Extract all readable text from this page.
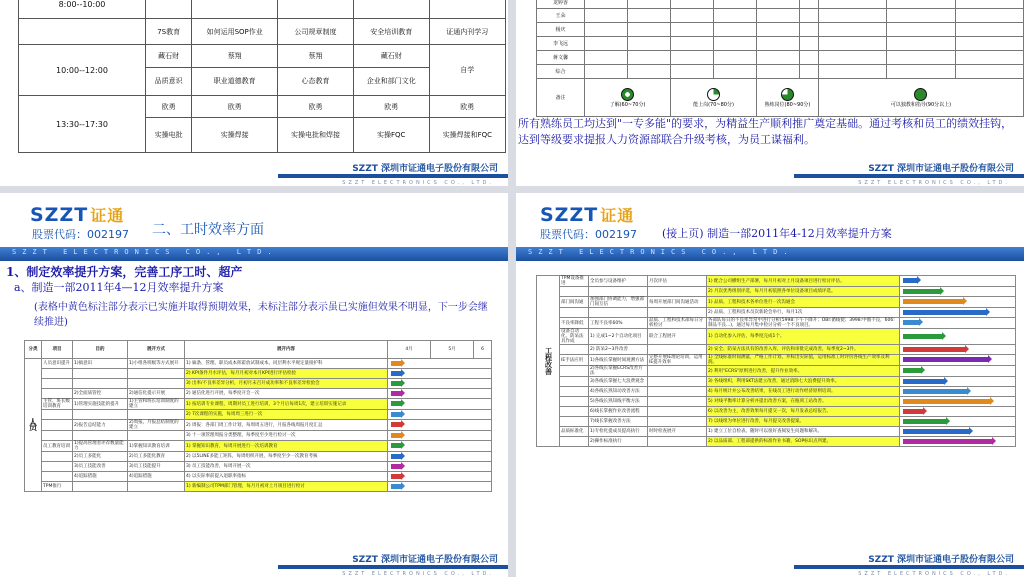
8:00--10:00					
	7S教育	如何运用SOP作业	公司规章制度	安全培训教育	证通内刊学习
10:00--12:00	藏石财	蔡翔	蔡翔	藏石财	自学
	品质意识	职业道德教育	心态教育	企业和部门文化	
13:30--17:30	欧勇	欧勇	欧勇	欧勇	欧勇
	实操电批	实操焊接	实操电批和焊接	实操FQC	实操焊接和FQC
SZZT 深圳市证通电子股份有限公司
SZZT ELECTRONICS CO., LTD.
龙婷香									
王朵									
杨庆									
李飞远									
蒋文馨									
综合									
备注	了解(60~70分)		能上岗(70~80分)		熟练岗位(80~90分)		可以独教和指导(90分以上)		
所有熟练员工均达到"一专多能"的要求，为精益生产顺利推广奠定基础。通过考核和员工的绩效挂钩，达到等级要求提报人力资源部联合升级考核，为员工谋福利。
SZZT 深圳市证通电子股份有限公司
SZZT ELECTRONICS CO., LTD.
SZZT 证通
股票代码：002197 二、工时效率方面
SZZT ELECTRONICS CO., LTD.
1、制定效率提升方案，完善工序工时、超产
a、制造一部2011年4—12月效率提升方案
(表格中黄色标注部分表示已实施并取得预期效果，未标注部分表示虽已实施但效果不明显，下一步会继续推进)
分类	项目	目的	展开方式	展开内容	4月	5月	6
人员	人员意识提升	1)搞意识	1)小组各班级等方式展开	1) 廊条、管理、职员成本挥霍放试制成本、同层利水平规定量接护科			
				2) KPI条件月水评估，每月月初对本月KPI进行评估检验			
				3) 出率/不良率差异分析，月初月末召开成功率和不良率差异检验会			
		2)全面质管控	2)通信化提示开展	2) 通信化进行开展，每季度开会一次			
	主管、班长级培训教育	1)管理实施技能的提升	1)主管和班长培训制度的建立	1) 按培训专业课程，周期对员工进行培训，3个月后每周1次，建立培训实施记录			
				2) 7次课程的实施，每周周三进行一次			
		2)报告总结能力	2)周报，月报总结制度的建立	2) 周报：各部门周工作计划，每周周五进行，月报各线周报月度汇总			
				3) 十一项管理周报分类整理，每季度至少进行检讨一次			
	员工教育培训	1)提高管理者评荐数量能力	1)掌握知识教育培训	1) 掌握知识教育，每周开展进行一次培训教育			
		2)员工多能化	2)员工多能化教育	2) 以5LINE多能工矩阵，每周组织开展，每季度至少一次教育考核			
		3)员工技能改善	3)员工技能提升	3) 员工技能改善，每周开展一次			
		4)追踪措施	4)追踪措施	4) 以实际事前提入退职率指标			
	TPM推行			1) 新编制公司TPM部门管理，每月月初对上月项目进行检讨			
SZZT 深圳市证通电子股份有限公司
SZZT ELECTRONICS CO., LTD.
SZZT 证通
股票代码：002197 (接上页) 制造一部2011年4-12月效率提升方案
SZZT ELECTRONICS CO., LTD.
工程改善	TPM设备推进	全员参与设备维护	月次评估	1) 配合公司横组生产部署，每月月初对上月设备项目进行检讨评估。	
				2) 月次优秀组别评选，每月月初依照各单位设备项目成绩评选。	
	部门间沟通	加强部门协调能力，增强部门间互信	每周开展部门间沟通活动	1) 品质、工程和技术各单位进行一次沟通会	
				2) 品质、工程和技术员次新轮会举行，每月1次	
	不良率降低	工程不良率60%	品质、工程和技术部每日分析检讨	各部队每日的不良率异常中进行分析(5998:下午下降升；OBI:循线使；3998:中循不良，606:制品不良...)，通过每月集中检讨分析一个不良项目。	
	设备自动化、防呆法具作成	1) 完成1~2个自动化项目	联合工程展开	1) 自动化参入评估，每季度完成1个。	
		2) 防呆2~3件改善		2) 安全、防呆方法具有的改善入库，评估和审批完成改善，每季度2~3件。	
	IE手法应用	1)各线长掌握时间观测方法	完整开展IE理论培训，运用IE提升效率	1) 全线标准时间测量，严格工作计划，并标出实际值，运用标准工时评价各线生产效率及利润。	
		2)各线长掌握ECRS改善方法		2) 利用"ECRS"原则进行改善，提升作业效率。	
		3)各线长掌握七大浪费观念		3) 各线组织，利用SKT法建立改善，通过消除七大浪费提升效率。	
		4)各线长熟知动改善方法		4) 每月统计并公布改善结果，在线员工进行动作经济原则培训。	
		5)各线长熟知线平衡方法		5) 对线平衡率计算分析并提出改善方案，在瓶颈工站改善。	
		6)线长掌握作业改善流程		6) 以改善为主，改善效果每月提交一次，每月发表总结报告。	
		7)线长掌握改善方法		7) 以线组为单位进行改善，每月提交改善提案。	
	品质标准化	1)专检化提成员提高执行	时时检查展开	1) 建立工位自检表。随时可以很好查阅发生问题和解决。	
		2)操作标准执行		2) 以品质部、工程部提供的标准作业书籍，SOP标识点所建。	
SZZT 深圳市证通电子股份有限公司
SZZT ELECTRONICS CO., LTD.
